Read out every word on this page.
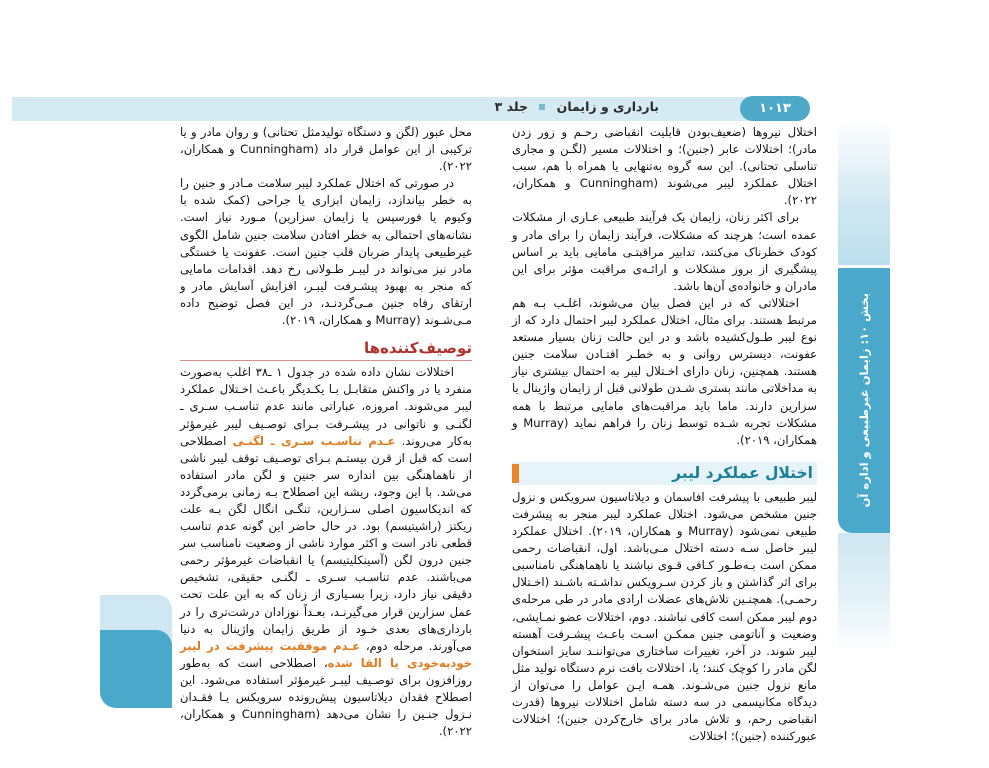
بارداری و زایمان  جلد ۳	۱۰۱۳
بخش ۱۰: زایمان غیرطبیعی و اداره آن

محل عبور (لگن و دستگاه تولیدمثل تحتانی) و روان مادر و یا ترکیبی از این عوامل قرار داد (Cunningham و همکاران، ۲۰۲۲).

در صورتی که اختلال عملکرد لیبر سلامت مـادر و جنین را به خطر بیاندازد، زایمان ابزاری یا جراحی (کمک شده با وکیوم یا فورسپس یا زایمان سزارین) مـورد نیاز است. نشانه‌های احتمالی به خطر افتادن سلامت جنین شامل الگوی غیرطبیعی پایدار ضربان قلب جنین است. عفونت یا خستگی مادر نیز می‌تواند در لیبـر طـولانی رخ دهد. اقدامات مامایی که منجر به بهبود پیشـرفت لیبـر، افزایش آسایش مادر و ارتقای رفاه جنین مـی‌گردنـد، در این فصل توضیح داده مـی‌شـوند (Murray و همکاران، ۲۰۱۹).

توصیف‌کننده‌ها

اختلالات نشان داده شده در جدول ۱ ـ۳۸ اغلب به‌صورت منفرد یا در واکنش متقابـل بـا یکـدیگر باعـث اخـتلال عملکرد لیبر می‌شوند. امروزه، عباراتی مانند عدم تناسـب سـری ـ لگنـی و ناتوانی در پیشـرفت بـرای توصـیف لیبر غیرمؤثر به‌کار می‌روند. عـدم تناسـب سـری ـ لگنـی اصطلاحی است که قبل از قرن بیستـم بـرای توصـیف توقف لیبر ناشی از ناهماهنگی بین اندازه سر جنین و لگن مادر استفاده می‌شد. با این وجود، ریشه این اصطلاح بـه زمانی برمی‌گردد که اندیکاسیون اصلی سـزارین، تنگـی انگال لگن بـه علت ریکتز (راشیتیسم) بود. در حال حاضر این گونه عدم تناسب قطعی نادر است و اکثر موارد ناشی از وضعیت نامناسب سر جنین درون لگن (آسینکلیتیسم) یا انقباضات غیرمؤثر رحمی می‌باشند. عدم تناسـب سـری ـ لگنـی حقیقی، تشخیص دقیقی نیاز دارد، زیرا بسـیاری از زنان که به این علت تحت عمل سزارین قرار می‌گیرنـد، بعـداً نوزادان درشت‌تری را در بارداری‌های بعدی خـود از طریق زایمان واژینال به دنیا می‌آورند. مرحله دوم، عـدم موفقیت پیشرفت در لیبر خودبه‌خودی یا القا شده، اصطلاحی است که به‌طور روزافزون برای توصـیف لیبـر غیرمؤثر استفاده می‌شود. این اصطلاح فقدان دیلاتاسیون پیش‌رونده سرویکس یـا فقـدان نـزول جنـین را نشان می‌دهد (Cunningham و همکاران، ۲۰۲۲).

اختلال نیروها (ضعیف‌بودن قابلیت انقباضی رحـم و زور زدن مادر)؛ اختلالات عابر (جنین)؛ و اختلالات مسیر (لگـن و مجاری تناسلی تحتانی). این سه گروه به‌تنهایی یا همراه با هم، سبب اختلال عملکرد لیبر می‌شوند (Cunningham و همکاران، ۲۰۲۲).

برای اکثر زنان، زایمان یک فرآیند طبیعی عـاری از مشکلات عمده است؛ هرچند که مشکلات، فرآیند زایمان را برای مادر و کودک خطرناک می‌کنند، تدابیر مراقبتـی مامایی باید بر اساس پیشگیری از بروز مشکلات و ارائـه‌ی مراقبت مؤثر برای این مادران و خانواده‌ی آن‌ها باشد.

اختلالاتی که در این فصل بیان می‌شوند، اغلـب بـه هم مرتبط هستند. برای مثال، اختلال عملکرد لیبر احتمال دارد که از نوع لیبر طـول‌کشیده باشد و در این حالت زنان بسیار مستعد عفونت، دیسترس روانی و به خطـر افتـادن سلامت جنین هستند. همچنین، زنان دارای اخـتلال لیبر به احتمال بیشتری نیاز به مداخلاتی مانند بستری شـدن طولانی قبل از زایمان واژینال یا سزارین دارند. ماما باید مراقبت‌های مامایی مرتبط با همه مشکلات تجربه شـده توسط زنان را فراهم نماید (Murray و همکاران، ۲۰۱۹).

اختلال عملکرد لیبر

لیبر طبیعی با پیشرفت افاسمان و دیلاتاسیون سرویکس و نزول جنین مشخص می‌شود. اختلال عملکرد لیبر منجر به پیشرفت طبیعی نمی‌شود (Murray و همکاران، ۲۰۱۹). اختلال عملکرد لیبر حاصل سـه دسته اختلال مـی‌باشد. اول، انقباضات رحمی ممکن است بـه‌طـور کـافی قـوی نباشند یا ناهماهنگی نامناسبی برای اثر گذاشتن و باز کردن سـرویکس نداشـته باشـند (اخـتلال رحمـی). همچنـین تلاش‌های عضلات ارادی مادر در طی مرحله‌ی دوم لیبر ممکن است کافی نباشند. دوم، اختلالات عضو نمـایشی، وضعیت و آناتومی جنین ممکـن اسـت باعـث پیشـرفت آهسته لیبر شوند. در آخر، تغییرات ساختاری می‌تواننـد سایز استخوان لگن مادر را کوچک کنند؛ یا، اختلالات بافت نرم دستگاه تولید مثل مانع نزول جنین می‌شـوند. همـه ایـن عوامل را می‌توان از دیدگاه مکانیسمی در سه دسته شامل اختلالات نیروها (قدرت انقباضی رحم، و تلاش مادر برای خارج‌کردن جنین)؛ اختلالات عبورکننده (جنین)؛ اختلالات
